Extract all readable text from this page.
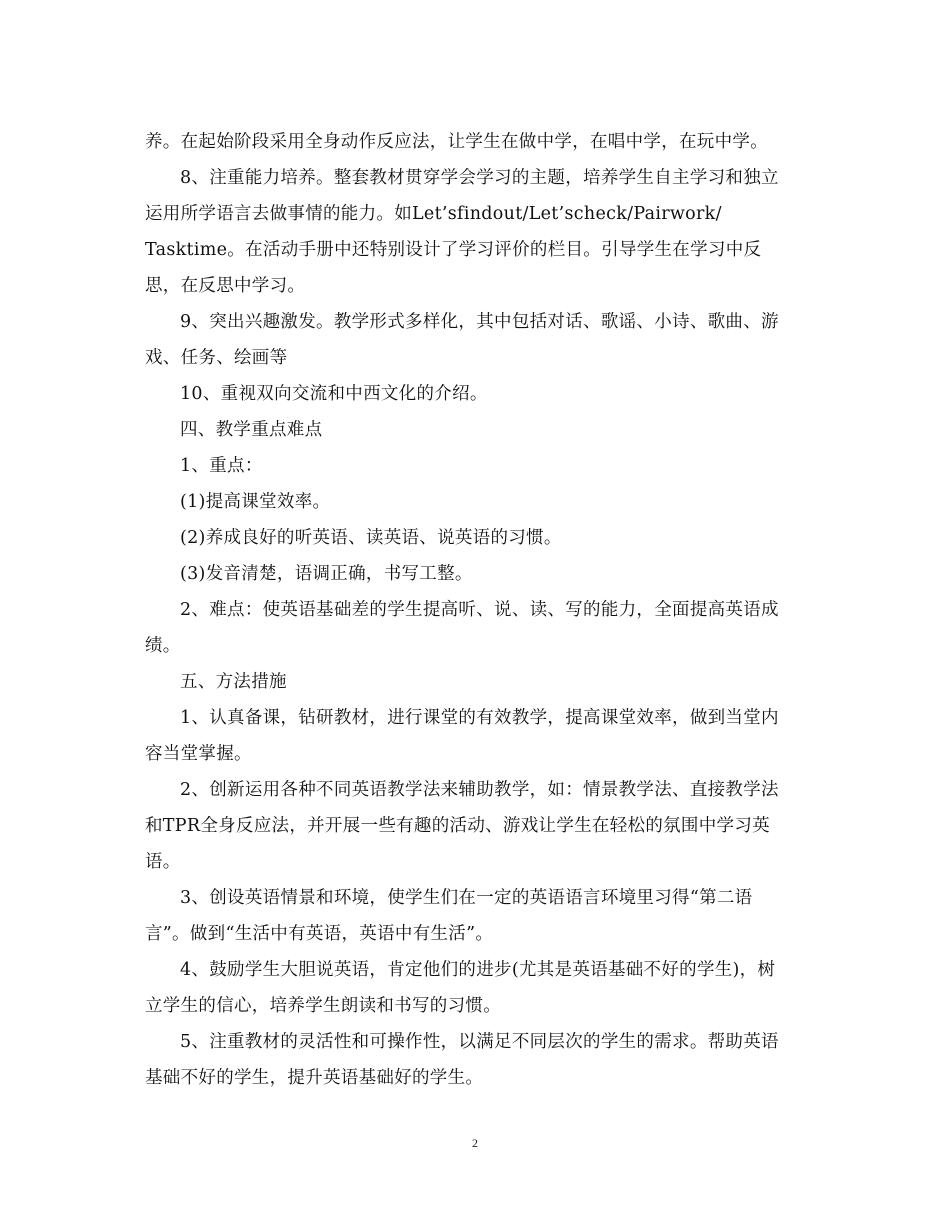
养。在起始阶段采用全身动作反应法，让学生在做中学，在唱中学，在玩中学。
8、注重能力培养。整套教材贯穿学会学习的主题，培养学生自主学习和独立
运用所学语言去做事情的能力。如Let’sfindout/Let’scheck/Pairwork/
Tasktime。在活动手册中还特别设计了学习评价的栏目。引导学生在学习中反
思，在反思中学习。
9、突出兴趣激发。教学形式多样化，其中包括对话、歌谣、小诗、歌曲、游
戏、任务、绘画等
10、重视双向交流和中西文化的介绍。
四、教学重点难点
1、重点：
(1)提高课堂效率。
(2)养成良好的听英语、读英语、说英语的习惯。
(3)发音清楚，语调正确，书写工整。
2、难点：使英语基础差的学生提高听、说、读、写的能力，全面提高英语成
绩。
五、方法措施
1、认真备课，钻研教材，进行课堂的有效教学，提高课堂效率，做到当堂内
容当堂掌握。
2、创新运用各种不同英语教学法来辅助教学，如：情景教学法、直接教学法
和TPR全身反应法，并开展一些有趣的活动、游戏让学生在轻松的氛围中学习英
语。
3、创设英语情景和环境，使学生们在一定的英语语言环境里习得“第二语
言”。做到“生活中有英语，英语中有生活”。
4、鼓励学生大胆说英语，肯定他们的进步(尤其是英语基础不好的学生)，树
立学生的信心，培养学生朗读和书写的习惯。
5、注重教材的灵活性和可操作性，以满足不同层次的学生的需求。帮助英语
基础不好的学生，提升英语基础好的学生。
2
